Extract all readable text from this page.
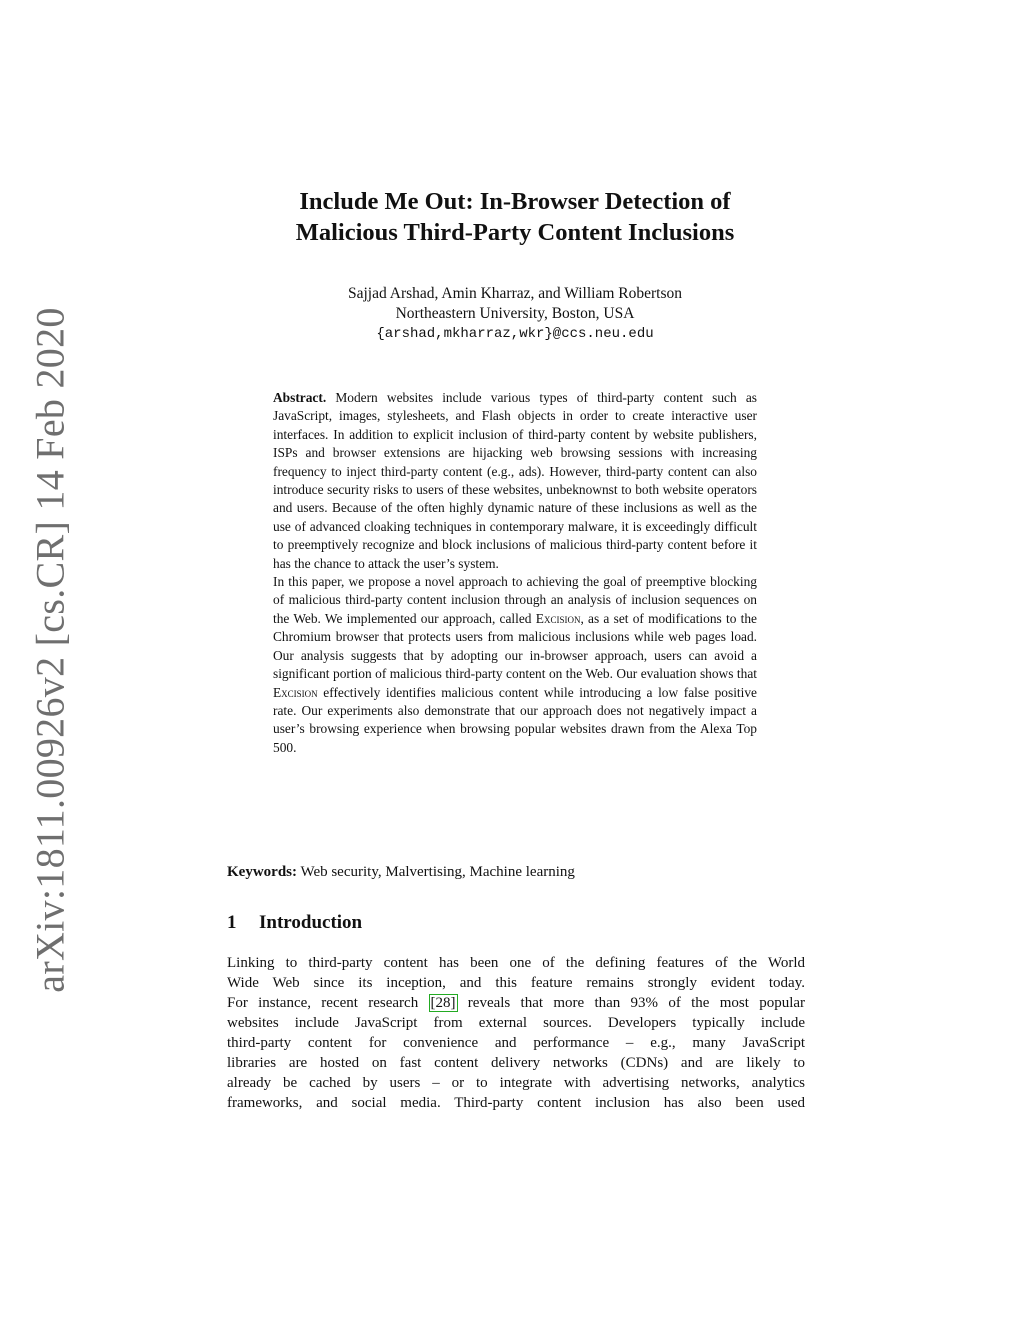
arXiv:1811.00926v2 [cs.CR] 14 Feb 2020
Include Me Out: In-Browser Detection of
Malicious Third-Party Content Inclusions
Sajjad Arshad, Amin Kharraz, and William Robertson
Northeastern University, Boston, USA
{arshad,mkharraz,wkr}@ccs.neu.edu

Abstract. Modern websites include various types of third-party content such as JavaScript, images, stylesheets, and Flash objects in order to create interactive user interfaces. In addition to explicit inclusion of third-party content by website publishers, ISPs and browser extensions are hijacking web browsing sessions with increasing frequency to inject third-party content (e.g., ads). However, third-party content can also introduce security risks to users of these websites, unbeknownst to both website operators and users. Because of the often highly dynamic nature of these inclusions as well as the use of advanced cloaking techniques in contemporary malware, it is exceedingly difficult to preemptively recognize and block inclusions of malicious third-party content before it has the chance to attack the user’s system.

In this paper, we propose a novel approach to achieving the goal of preemptive blocking of malicious third-party content inclusion through an analysis of inclusion sequences on the Web. We implemented our approach, called Excision, as a set of modifications to the Chromium browser that protects users from malicious inclusions while web pages load. Our analysis suggests that by adopting our in-browser approach, users can avoid a significant portion of malicious third-party content on the Web. Our evaluation shows that Excision effectively identifies malicious content while introducing a low false positive rate. Our experiments also demonstrate that our approach does not negatively impact a user’s browsing experience when browsing popular websites drawn from the Alexa Top 500.

Keywords: Web security, Malvertising, Machine learning
1 Introduction

Linking to third-party content has been one of the defining features of the World
Wide Web since its inception, and this feature remains strongly evident today.
For instance, recent research [28] reveals that more than 93% of the most popular
websites include JavaScript from external sources. Developers typically include
third-party content for convenience and performance – e.g., many JavaScript
libraries are hosted on fast content delivery networks (CDNs) and are likely to
already be cached by users – or to integrate with advertising networks, analytics
frameworks, and social media. Third-party content inclusion has also been used
